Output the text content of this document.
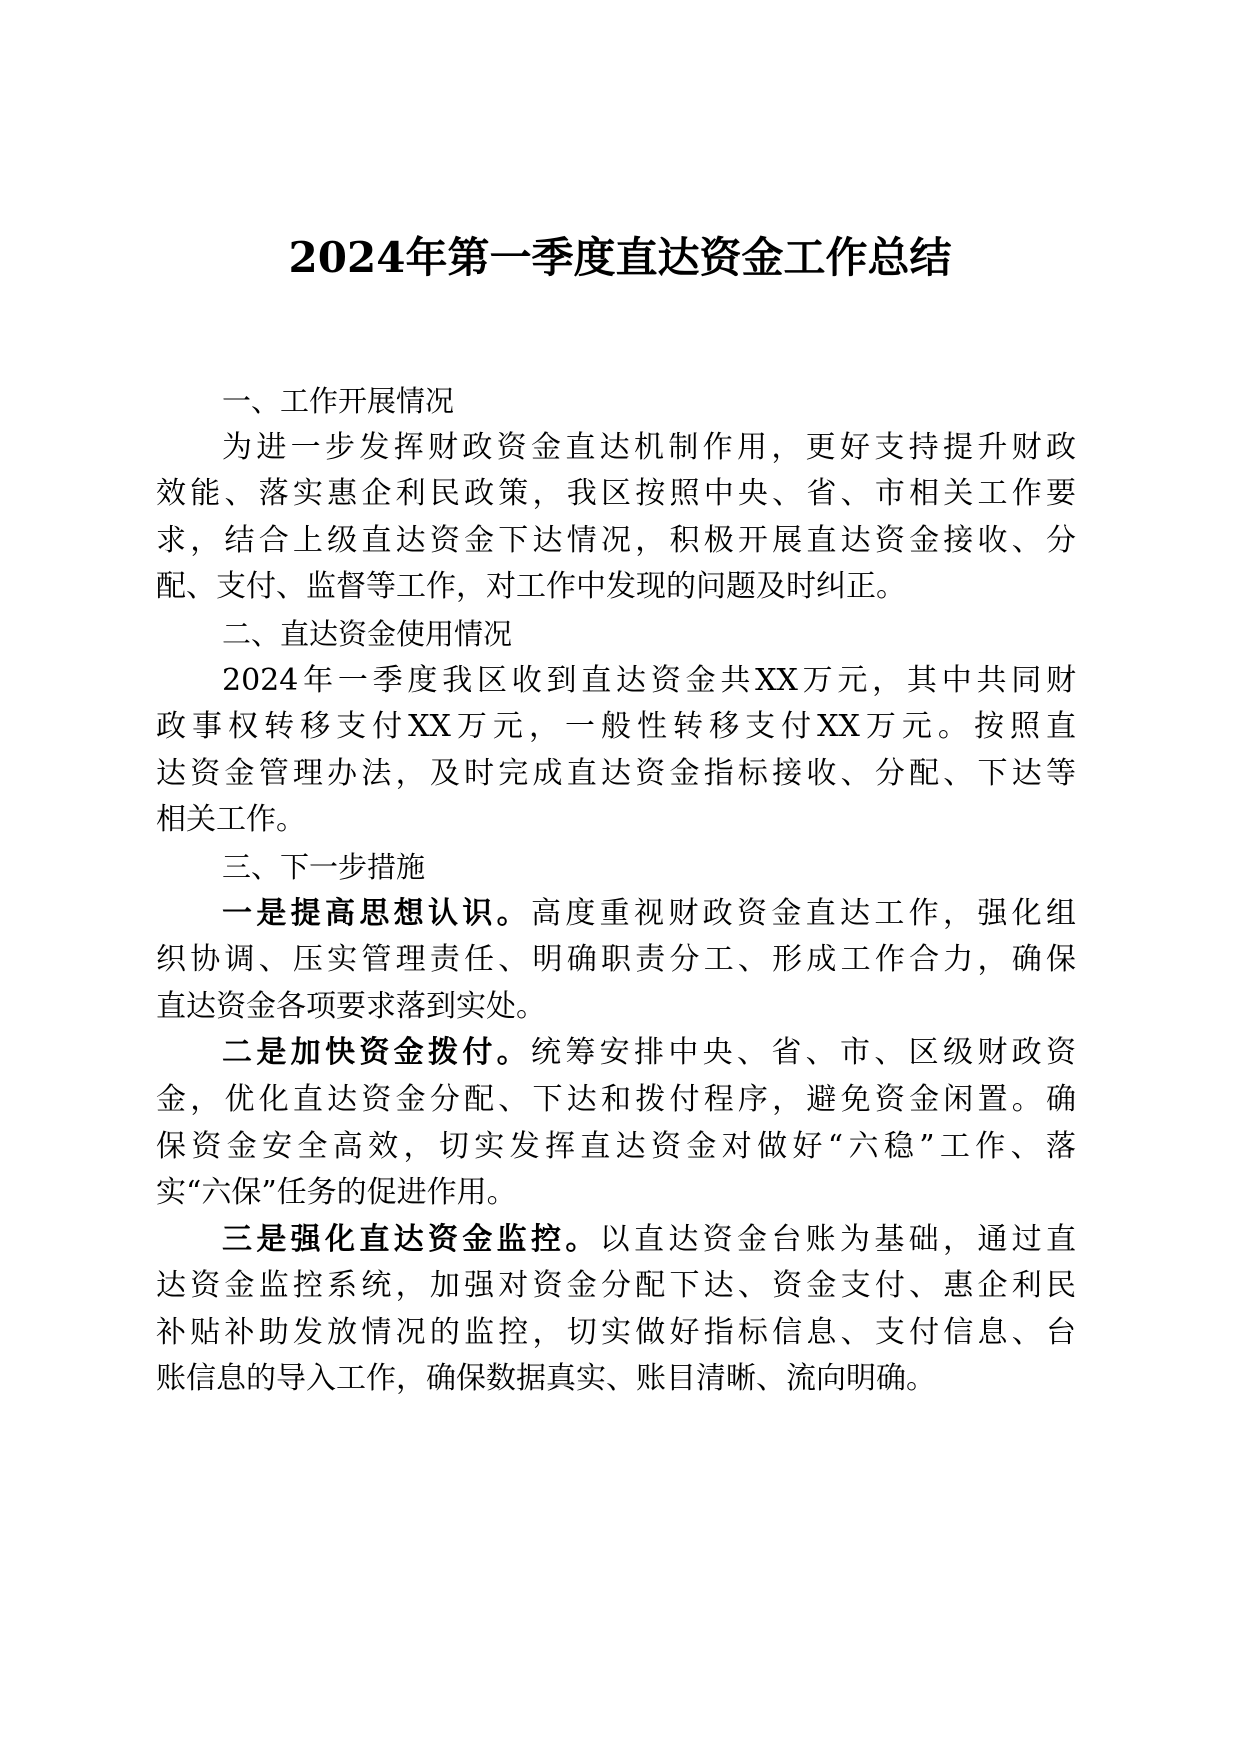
2024年第一季度直达资金工作总结
一、工作开展情况
为进一步发挥财政资金直达机制作用，更好支持提升财政
效能、落实惠企利民政策，我区按照中央、省、市相关工作要
求，结合上级直达资金下达情况，积极开展直达资金接收、分
配、支付、监督等工作，对工作中发现的问题及时纠正。
二、直达资金使用情况
2024年一季度我区收到直达资金共XX万元，其中共同财
政事权转移支付XX万元，一般性转移支付XX万元。按照直
达资金管理办法，及时完成直达资金指标接收、分配、下达等
相关工作。
三、下一步措施
一是提高思想认识。高度重视财政资金直达工作，强化组
织协调、压实管理责任、明确职责分工、形成工作合力，确保
直达资金各项要求落到实处。
二是加快资金拨付。统筹安排中央、省、市、区级财政资
金，优化直达资金分配、下达和拨付程序，避免资金闲置。确
保资金安全高效，切实发挥直达资金对做好“六稳”工作、落
实“六保”任务的促进作用。
三是强化直达资金监控。以直达资金台账为基础，通过直
达资金监控系统，加强对资金分配下达、资金支付、惠企利民
补贴补助发放情况的监控，切实做好指标信息、支付信息、台
账信息的导入工作，确保数据真实、账目清晰、流向明确。
